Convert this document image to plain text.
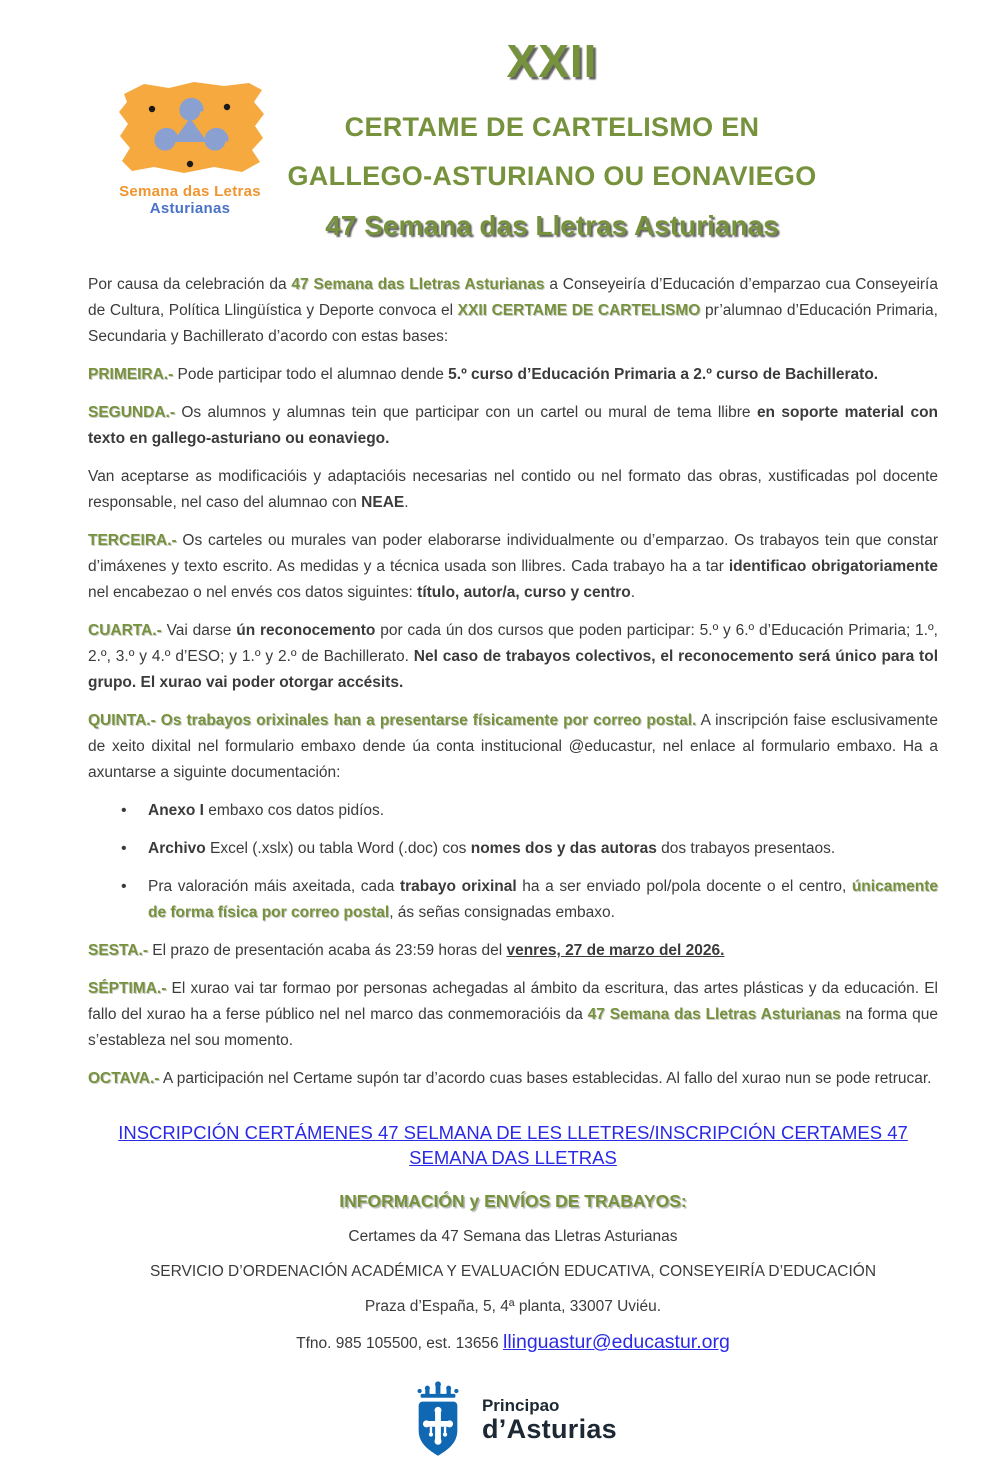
Semana das Letras
Asturianas
XXII
CERTAME DE CARTELISMO EN
GALLEGO-ASTURIANO OU EONAVIEGO
47 Semana das Lletras Asturianas

Por causa da celebración da 47 Semana das Lletras Asturianas a Conseyeiría d’Educación d’emparzao cua Conseyeiría de Cultura, Política Llingüística y Deporte convoca el XXII CERTAME DE CARTELISMO pr’alumnao d’Educación Primaria, Secundaria y Bachillerato d’acordo con estas bases:

PRIMEIRA.- Pode participar todo el alumnao dende 5.º curso d’Educación Primaria a 2.º curso de Bachillerato.

SEGUNDA.- Os alumnos y alumnas tein que participar con un cartel ou mural de tema llibre en soporte material con texto en gallego-asturiano ou eonaviego.

Van aceptarse as modificacióis y adaptacióis necesarias nel contido ou nel formato das obras, xustificadas pol docente responsable, nel caso del alumnao con NEAE.

TERCEIRA.- Os carteles ou murales van poder elaborarse individualmente ou d’emparzao. Os trabayos tein que constar d’imáxenes y texto escrito. As medidas y a técnica usada son llibres. Cada trabayo ha a tar identificao obrigatoriamente nel encabezao o nel envés cos datos siguintes: título, autor/a, curso y centro.

CUARTA.- Vai darse ún reconocemento por cada ún dos cursos que poden participar: 5.º y 6.º d’Educación Primaria; 1.º, 2.º, 3.º y 4.º d’ESO; y 1.º y 2.º de Bachillerato. Nel caso de trabayos colectivos, el reconocemento será único para tol grupo. El xurao vai poder otorgar accésits.

QUINTA.- Os trabayos orixinales han a presentarse físicamente por correo postal. A inscripción faise esclusivamente de xeito dixital nel formulario embaxo dende úa conta institucional @educastur, nel enlace al formulario embaxo. Ha a axuntarse a siguinte documentación:

• Anexo I embaxo cos datos pidíos.
• Archivo Excel (.xslx) ou tabla Word (.doc) cos nomes dos y das autoras dos trabayos presentaos.
• Pra valoración máis axeitada, cada trabayo orixinal ha a ser enviado pol/pola docente o el centro, únicamente de forma física por correo postal, ás señas consignadas embaxo.

SESTA.- El prazo de presentación acaba ás 23:59 horas del venres, 27 de marzo del 2026.

SÉPTIMA.- El xurao vai tar formao por personas achegadas al ámbito da escritura, das artes plásticas y da educación. El fallo del xurao ha a ferse público nel nel marco das conmemoracióis da 47 Semana das Lletras Asturianas na forma que s’estableza nel sou momento.

OCTAVA.- A participación nel Certame supón tar d’acordo cuas bases establecidas. Al fallo del xurao nun se pode retrucar.

INSCRIPCIÓN CERTÁMENES 47 SELMANA DE LES LLETRES/INSCRIPCIÓN CERTAMES 47 SEMANA DAS LLETRAS
INFORMACIÓN y ENVÍOS DE TRABAYOS:
Certames da 47 Semana das Lletras Asturianas
SERVICIO D’ORDENACIÓN ACADÉMICA Y EVALUACIÓN EDUCATIVA, CONSEYEIRÍA D’EDUCACIÓN
Praza d’España, 5, 4ª planta, 33007 Uviéu.
Tfno. 985 105500, est. 13656 llinguastur@educastur.org
Principao
d’Asturias
